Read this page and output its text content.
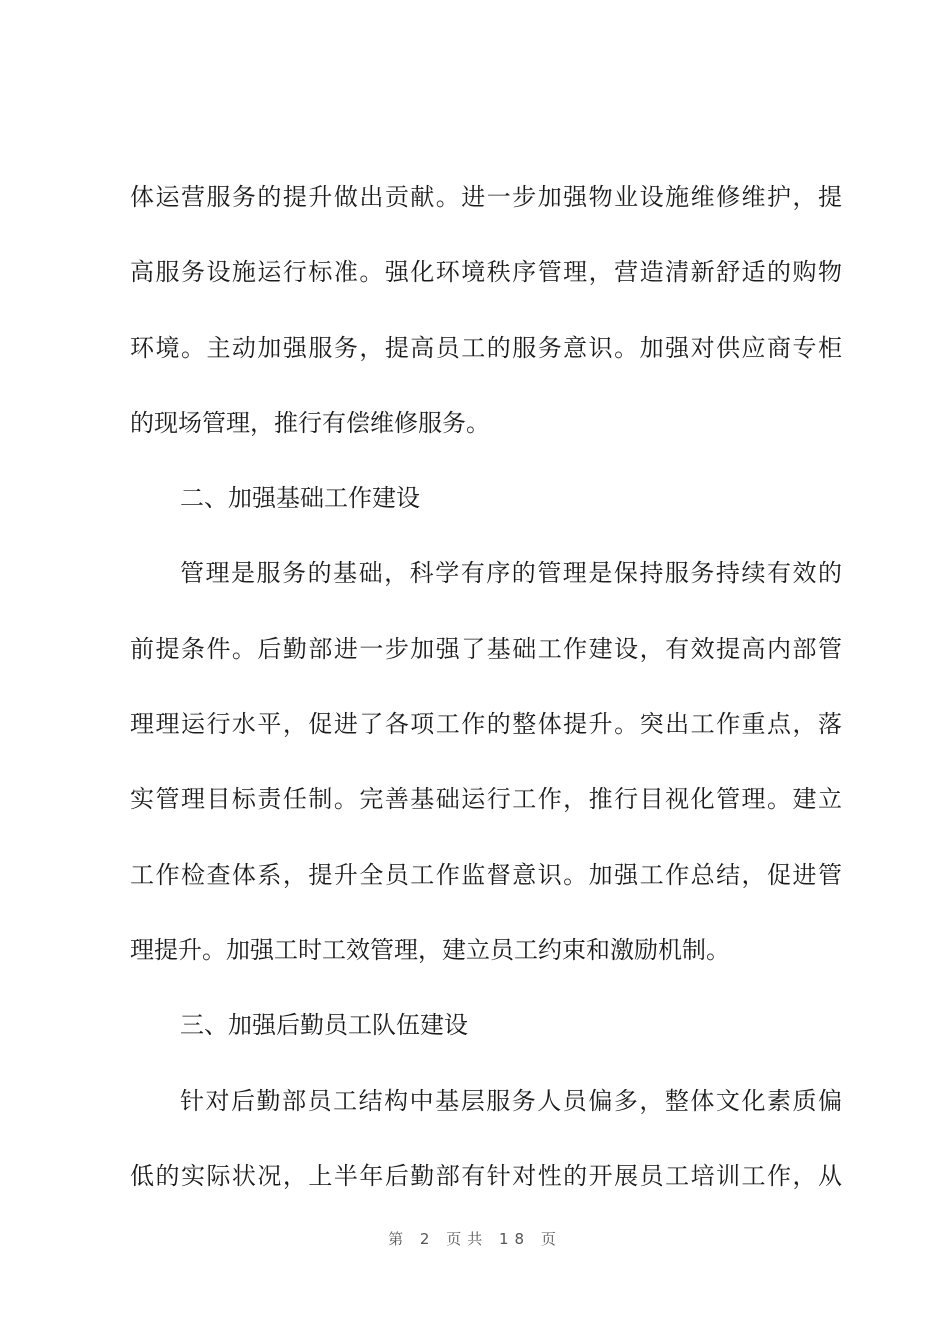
体运营服务的提升做出贡献。进一步加强物业设施维修维护，提
高服务设施运行标准。强化环境秩序管理，营造清新舒适的购物
环境。主动加强服务，提高员工的服务意识。加强对供应商专柜
的现场管理，推行有偿维修服务。
二、加强基础工作建设
管理是服务的基础，科学有序的管理是保持服务持续有效的
前提条件。后勤部进一步加强了基础工作建设，有效提高内部管
理理运行水平，促进了各项工作的整体提升。突出工作重点，落
实管理目标责任制。完善基础运行工作，推行目视化管理。建立
工作检查体系，提升全员工作监督意识。加强工作总结，促进管
理提升。加强工时工效管理，建立员工约束和激励机制。
三、加强后勤员工队伍建设
针对后勤部员工结构中基层服务人员偏多，整体文化素质偏
低的实际状况，上半年后勤部有针对性的开展员工培训工作，从
第 2 页共 18 页
